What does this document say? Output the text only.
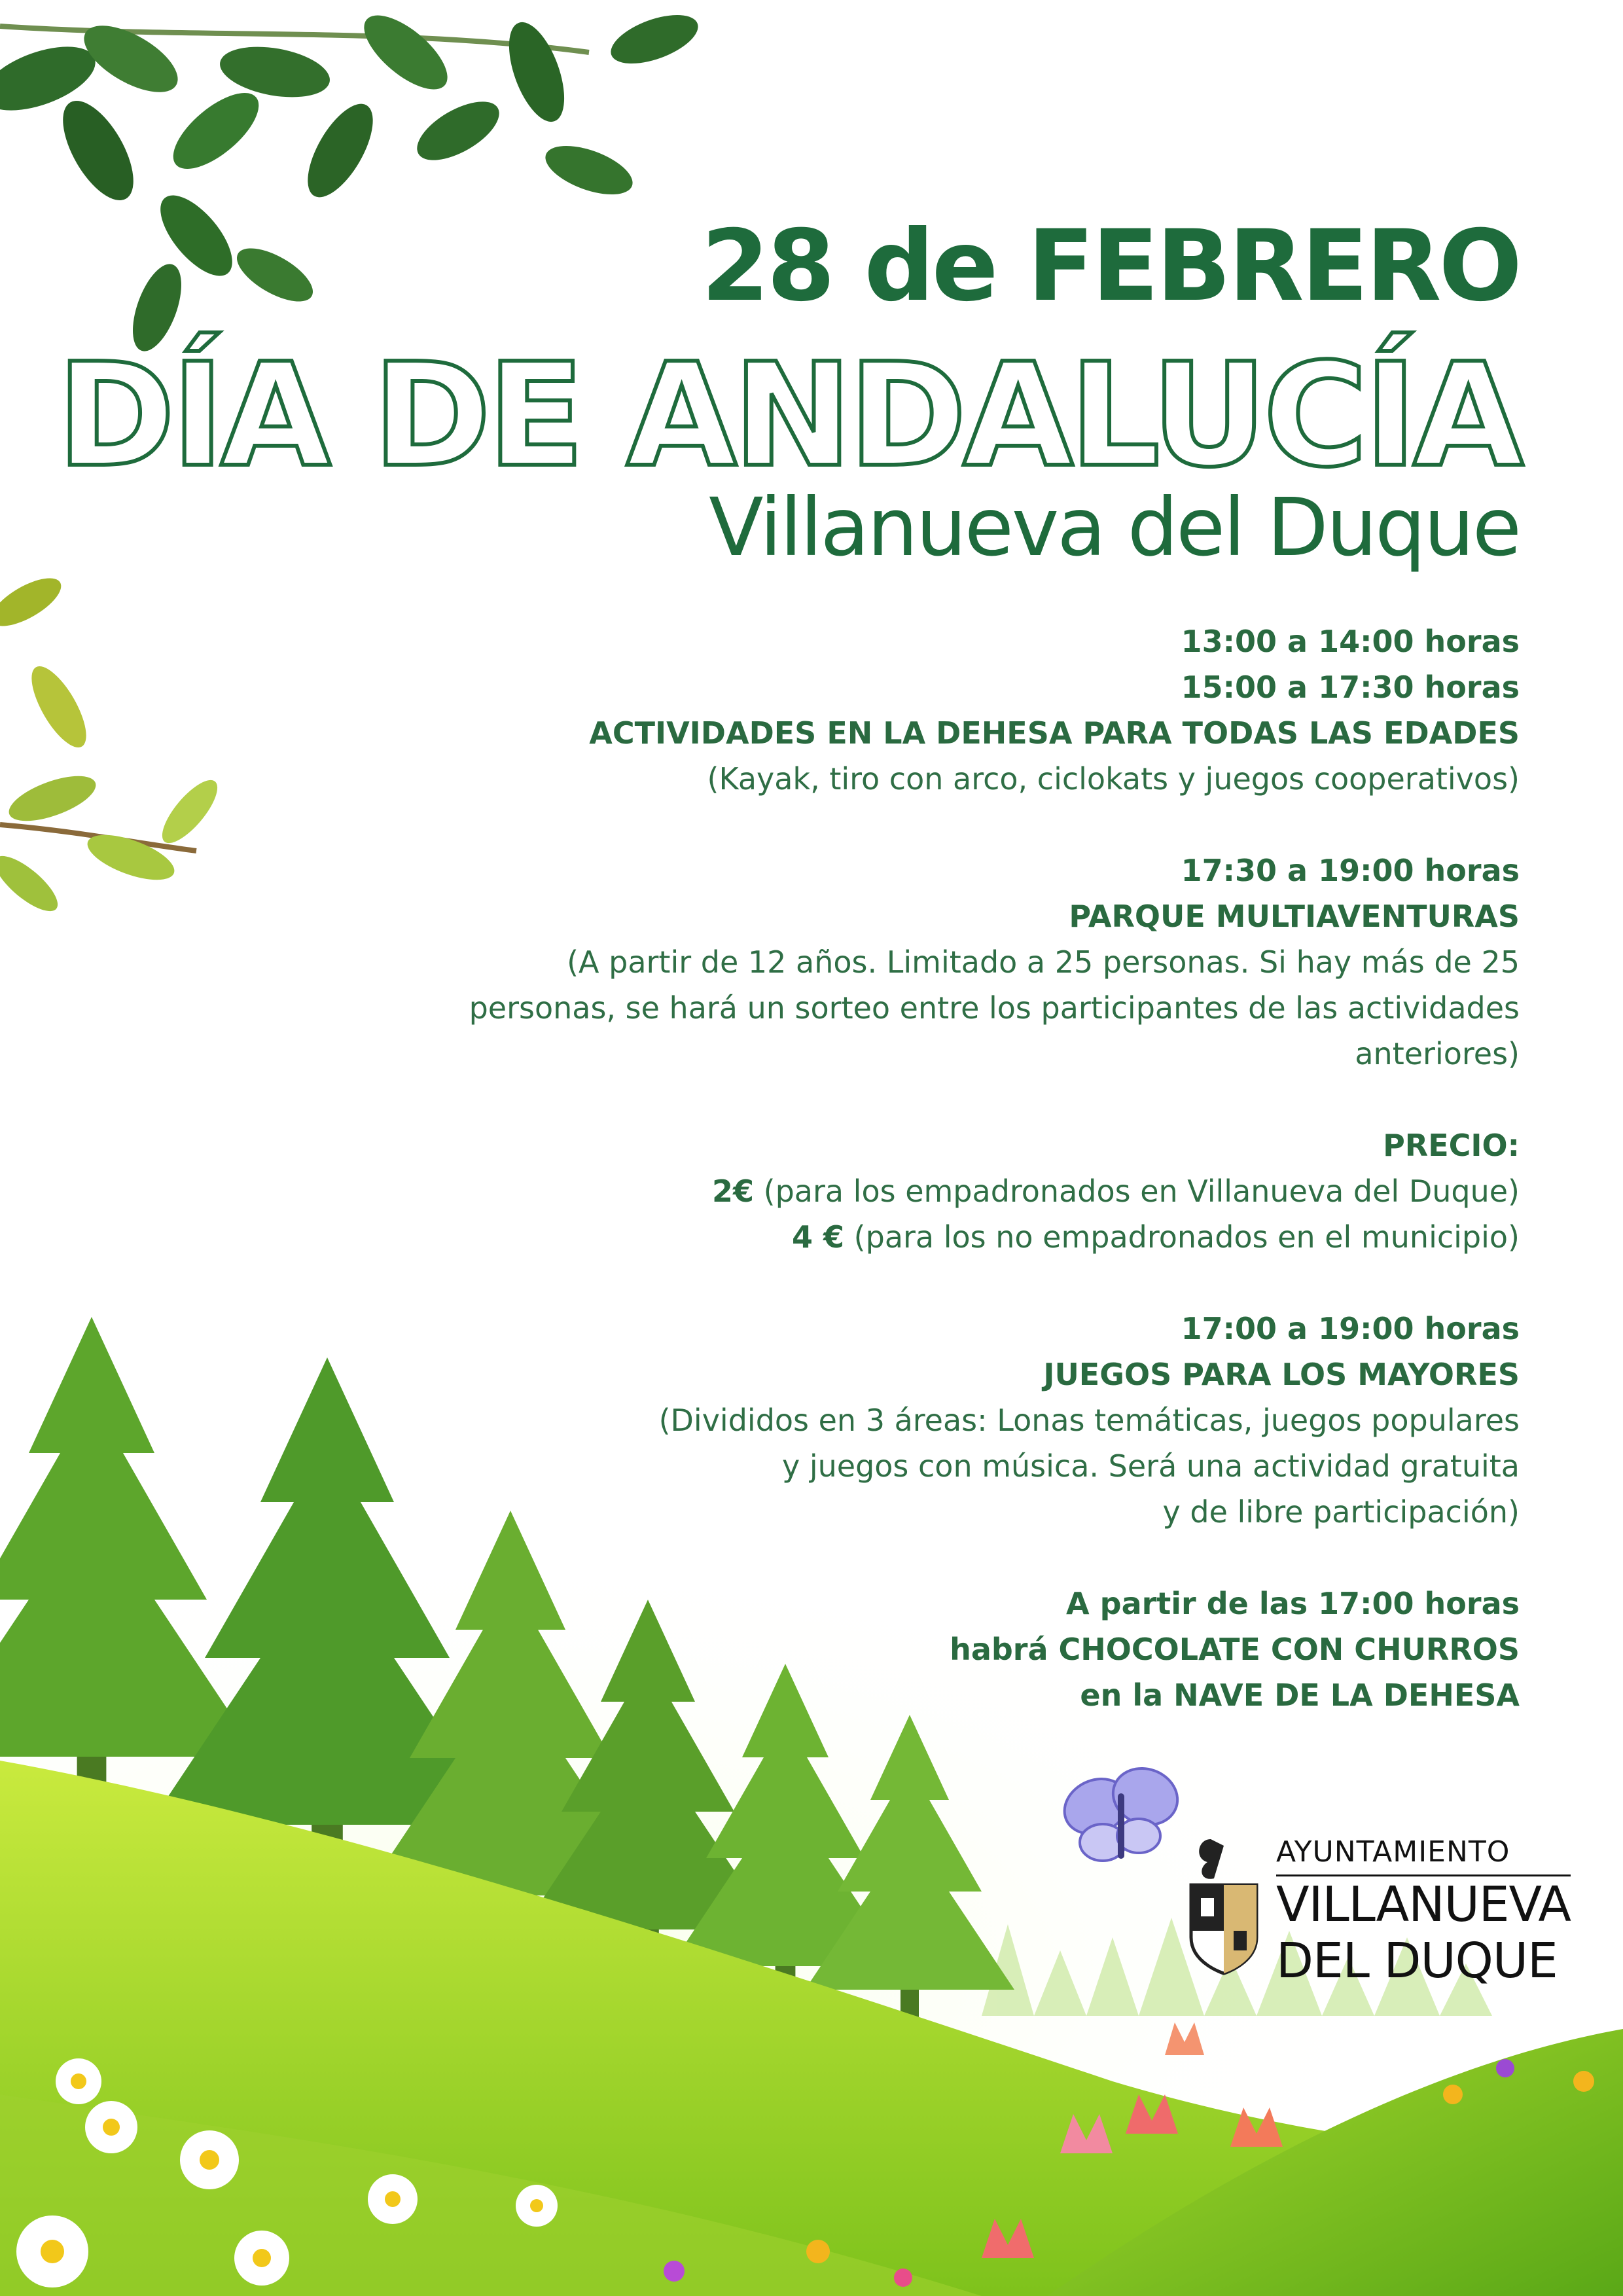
28 de FEBRERO
DÍA DE ANDALUCÍA
Villanueva del Duque
13:00 a 14:00 horas
15:00 a 17:30 horas
ACTIVIDADES EN LA DEHESA PARA TODAS LAS EDADES
(Kayak, tiro con arco, ciclokats y juegos cooperativos)
17:30 a 19:00 horas
PARQUE MULTIAVENTURAS
(A partir de 12 años. Limitado a 25 personas. Si hay más de 25
personas, se hará un sorteo entre los participantes de las actividades
anteriores)
PRECIO:
2€ (para los empadronados en Villanueva del Duque)
4 € (para los no empadronados en el municipio)
17:00 a 19:00 horas
JUEGOS PARA LOS MAYORES
(Divididos en 3 áreas: Lonas temáticas, juegos populares
y juegos con música. Será una actividad gratuita
y de libre participación)
A partir de las 17:00 horas
habrá CHOCOLATE CON CHURROS
en la NAVE DE LA DEHESA
AYUNTAMIENTO
VILLANUEVA
DEL DUQUE
